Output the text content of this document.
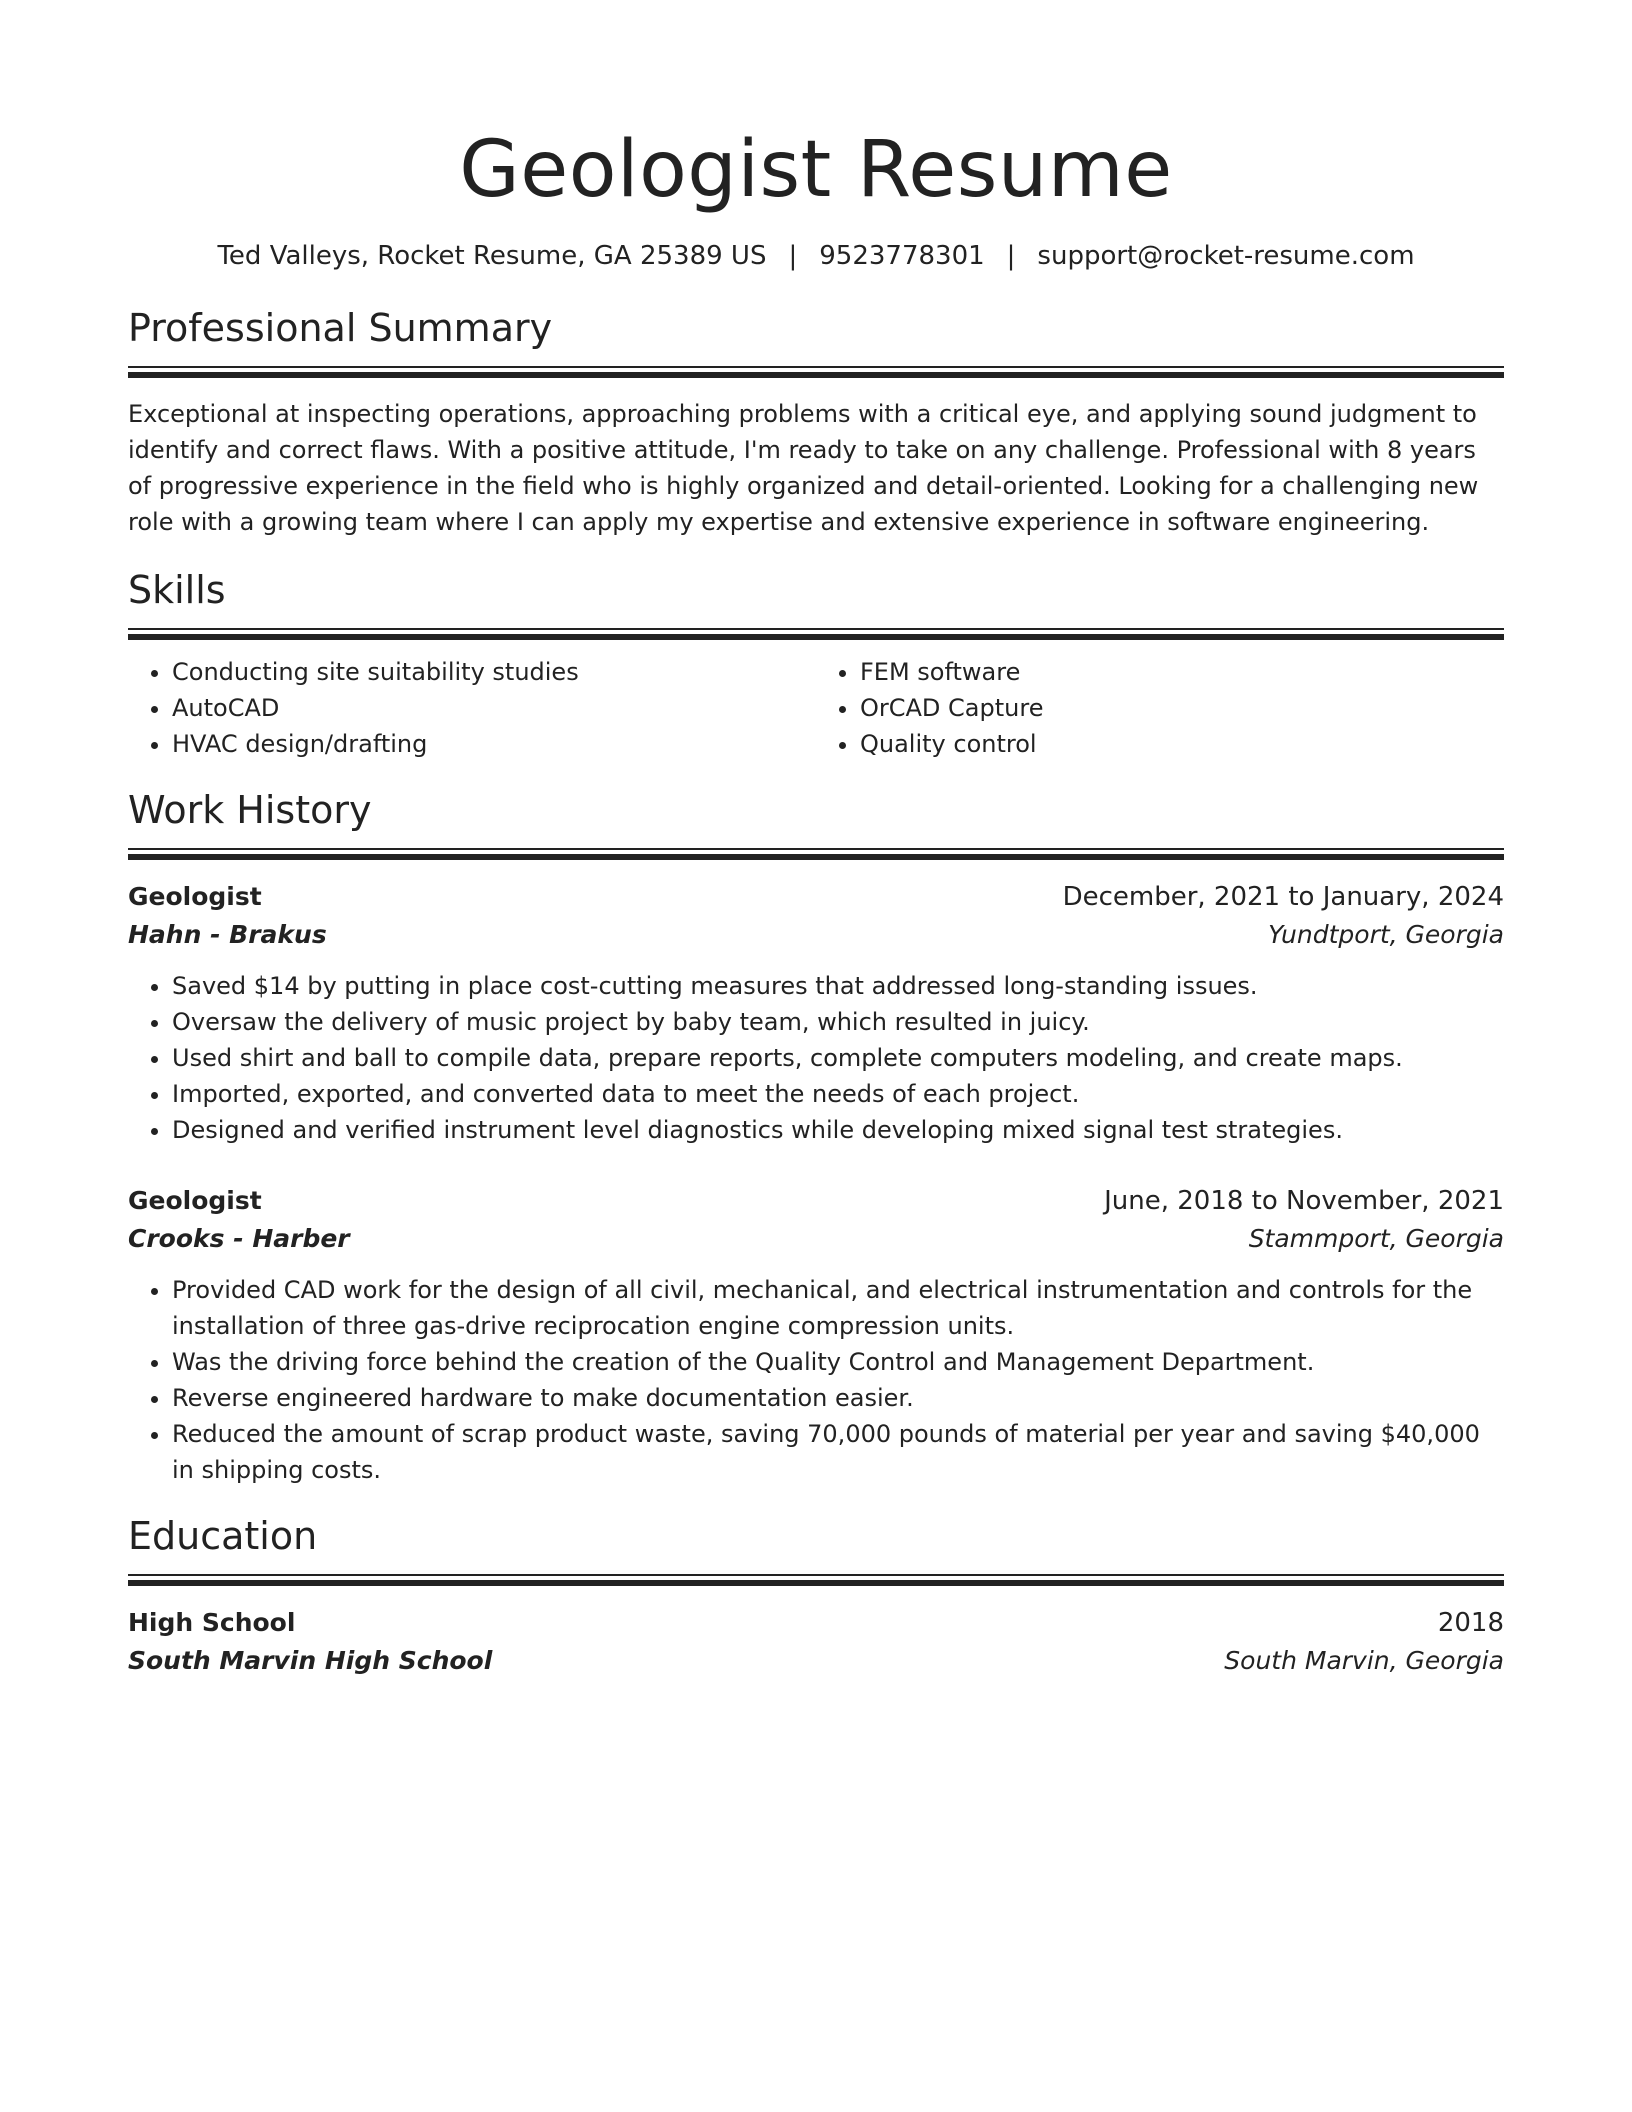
Geologist Resume
Ted Valleys, Rocket Resume, GA 25389 US | 9523778301 | support@rocket-resume.com
Professional Summary

Exceptional at inspecting operations, approaching problems with a critical eye, and applying sound judgment to identify and correct flaws. With a positive attitude, I'm ready to take on any challenge. Professional with 8 years of progressive experience in the field who is highly organized and detail-oriented. Looking for a challenging new role with a growing team where I can apply my expertise and extensive experience in software engineering.

Skills
• Conducting site suitability studies
• AutoCAD
• HVAC design/drafting
• FEM software
• OrCAD Capture
• Quality control
Work History
Geologist	December, 2021 to January, 2024
Hahn - Brakus	Yundtport, Georgia
• Saved $14 by putting in place cost-cutting measures that addressed long-standing issues.
• Oversaw the delivery of music project by baby team, which resulted in juicy.
• Used shirt and ball to compile data, prepare reports, complete computers modeling, and create maps.
• Imported, exported, and converted data to meet the needs of each project.
• Designed and verified instrument level diagnostics while developing mixed signal test strategies.
Geologist	June, 2018 to November, 2021
Crooks - Harber	Stammport, Georgia
• Provided CAD work for the design of all civil, mechanical, and electrical instrumentation and controls for the installation of three gas-drive reciprocation engine compression units.
• Was the driving force behind the creation of the Quality Control and Management Department.
• Reverse engineered hardware to make documentation easier.
• Reduced the amount of scrap product waste, saving 70,000 pounds of material per year and saving $40,000 in shipping costs.
Education
High School	2018
South Marvin High School	South Marvin, Georgia
